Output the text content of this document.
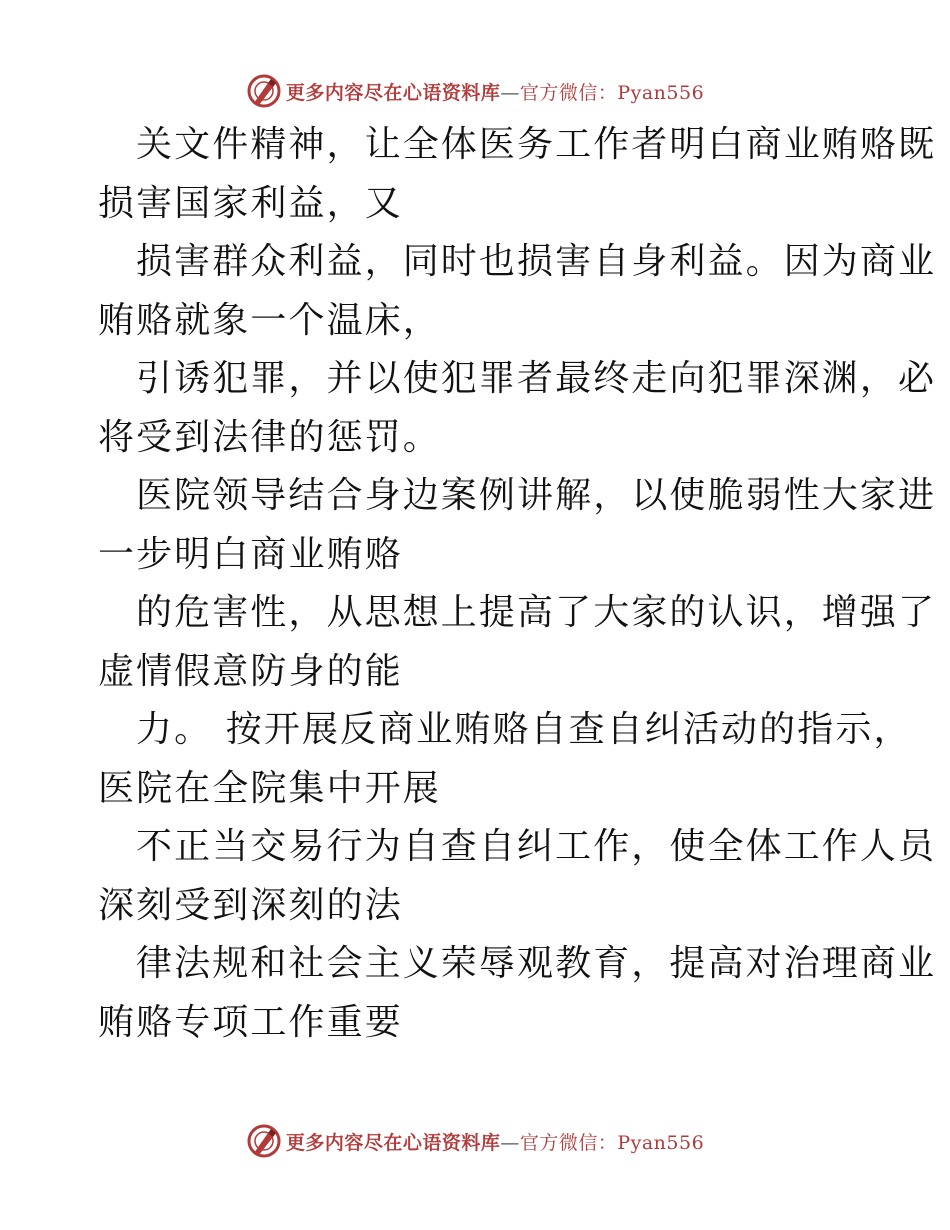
更多内容尽在心语资料库—官方微信：Pyan556
关文件精神，让全体医务工作者明白商业贿赂既
损害国家利益，又
损害群众利益，同时也损害自身利益。因为商业
贿赂就象一个温床，
引诱犯罪，并以使犯罪者最终走向犯罪深渊，必
将受到法律的惩罚。
医院领导结合身边案例讲解，以使脆弱性大家进
一步明白商业贿赂
的危害性，从思想上提高了大家的认识，增强了
虚情假意防身的能
力。 按开展反商业贿赂自查自纠活动的指示，
医院在全院集中开展
不正当交易行为自查自纠工作，使全体工作人员
深刻受到深刻的法
律法规和社会主义荣辱观教育，提高对治理商业
贿赂专项工作重要
更多内容尽在心语资料库—官方微信：Pyan556
